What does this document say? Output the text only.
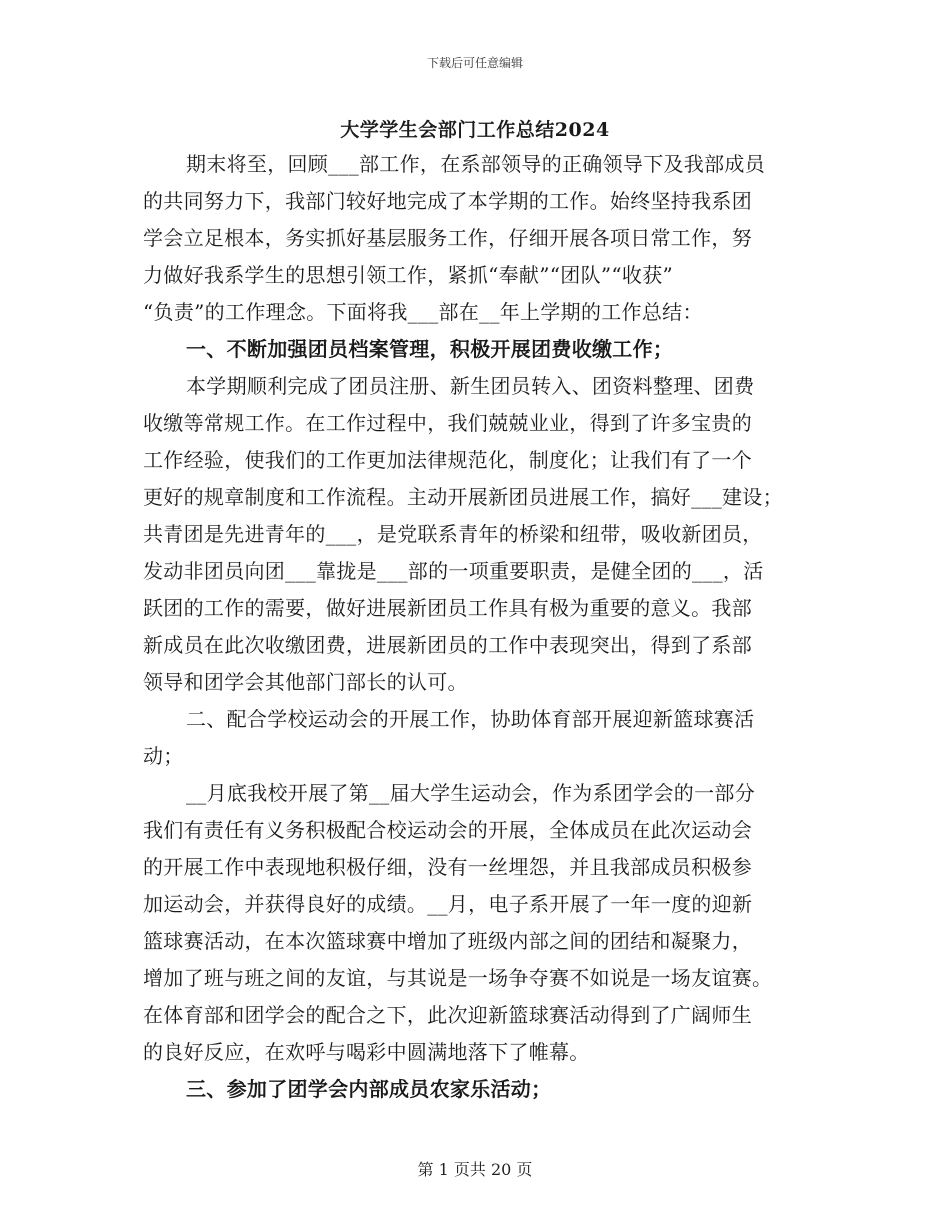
下载后可任意编辑
大学学生会部门工作总结2024
期末将至，回顾___部工作，在系部领导的正确领导下及我部成员
的共同努力下，我部门较好地完成了本学期的工作。始终坚持我系团
学会立足根本，务实抓好基层服务工作，仔细开展各项日常工作，努
力做好我系学生的思想引领工作，紧抓“奉献”“团队”“收获”
“负责”的工作理念。下面将我___部在__年上学期的工作总结：
一、不断加强团员档案管理，积极开展团费收缴工作；
本学期顺利完成了团员注册、新生团员转入、团资料整理、团费
收缴等常规工作。在工作过程中，我们兢兢业业，得到了许多宝贵的
工作经验，使我们的工作更加法律规范化，制度化；让我们有了一个
更好的规章制度和工作流程。主动开展新团员进展工作，搞好___建设；
共青团是先进青年的___，是党联系青年的桥梁和纽带，吸收新团员，
发动非团员向团___靠拢是___部的一项重要职责，是健全团的___，活
跃团的工作的需要，做好进展新团员工作具有极为重要的意义。我部
新成员在此次收缴团费，进展新团员的工作中表现突出，得到了系部
领导和团学会其他部门部长的认可。
二、配合学校运动会的开展工作，协助体育部开展迎新篮球赛活
动；
__月底我校开展了第__届大学生运动会，作为系团学会的一部分
我们有责任有义务积极配合校运动会的开展，全体成员在此次运动会
的开展工作中表现地积极仔细，没有一丝埋怨，并且我部成员积极参
加运动会，并获得良好的成绩。__月，电子系开展了一年一度的迎新
篮球赛活动，在本次篮球赛中增加了班级内部之间的团结和凝聚力，
增加了班与班之间的友谊，与其说是一场争夺赛不如说是一场友谊赛。
在体育部和团学会的配合之下，此次迎新篮球赛活动得到了广阔师生
的良好反应，在欢呼与喝彩中圆满地落下了帷幕。
三、参加了团学会内部成员农家乐活动；
第 1 页共 20 页
